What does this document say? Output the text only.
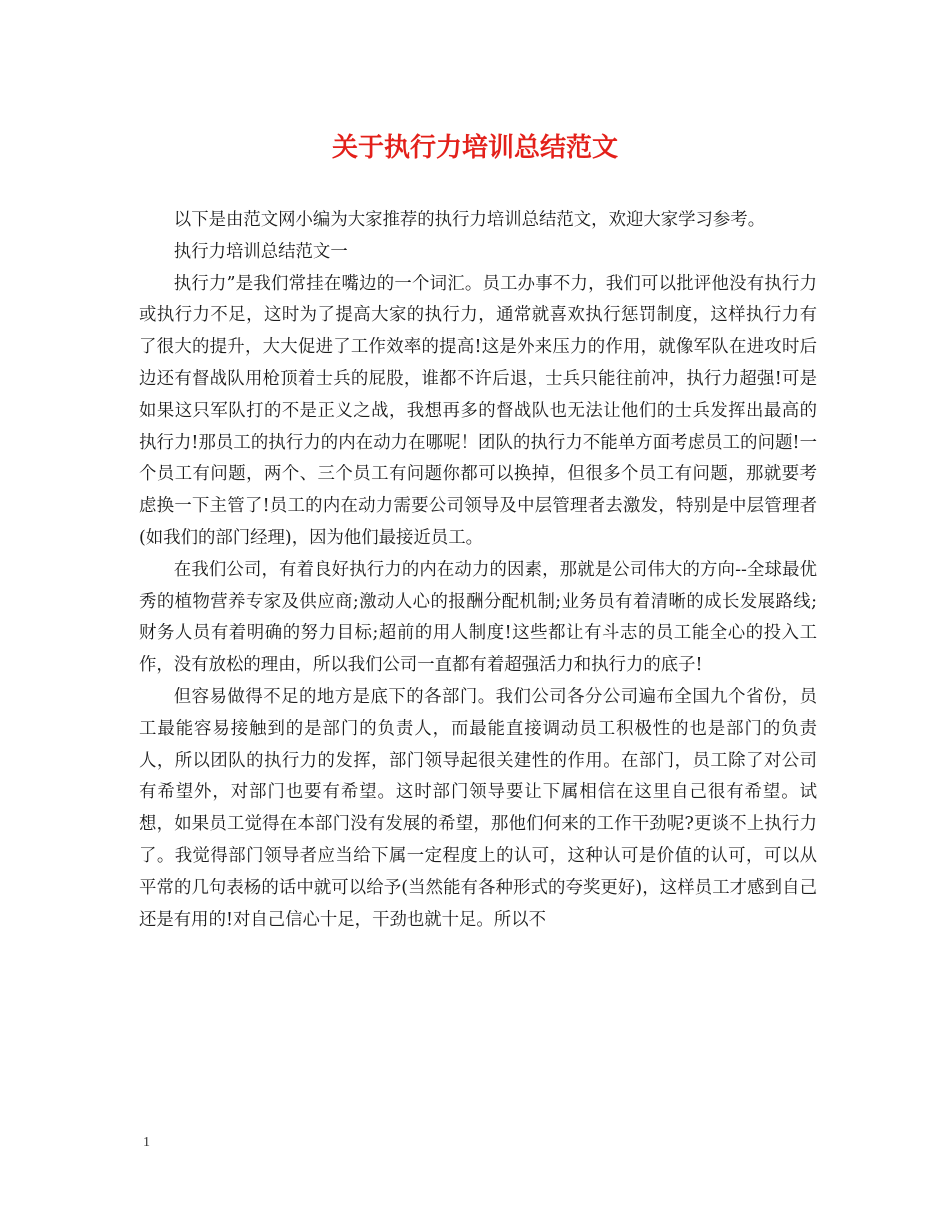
关于执行力培训总结范文

以下是由范文网小编为大家推荐的执行力培训总结范文，欢迎大家学习参考。

执行力培训总结范文一

执行力”是我们常挂在嘴边的一个词汇。员工办事不力，我们可以批评他没有执行力或执行力不足，这时为了提高大家的执行力，通常就喜欢执行惩罚制度，这样执行力有了很大的提升，大大促进了工作效率的提高!这是外来压力的作用，就像军队在进攻时后边还有督战队用枪顶着士兵的屁股，谁都不许后退，士兵只能往前冲，执行力超强!可是如果这只军队打的不是正义之战，我想再多的督战队也无法让他们的士兵发挥出最高的执行力!那员工的执行力的内在动力在哪呢！团队的执行力不能单方面考虑员工的问题!一个员工有问题，两个、三个员工有问题你都可以换掉，但很多个员工有问题，那就要考虑换一下主管了!员工的内在动力需要公司领导及中层管理者去激发，特别是中层管理者(如我们的部门经理)，因为他们最接近员工。

在我们公司，有着良好执行力的内在动力的因素，那就是公司伟大的方向--全球最优秀的植物营养专家及供应商;激动人心的报酬分配机制;业务员有着清晰的成长发展路线;财务人员有着明确的努力目标;超前的用人制度!这些都让有斗志的员工能全心的投入工作，没有放松的理由，所以我们公司一直都有着超强活力和执行力的底子!

但容易做得不足的地方是底下的各部门。我们公司各分公司遍布全国九个省份，员工最能容易接触到的是部门的负责人，而最能直接调动员工积极性的也是部门的负责人，所以团队的执行力的发挥，部门领导起很关建性的作用。在部门，员工除了对公司有希望外，对部门也要有希望。这时部门领导要让下属相信在这里自己很有希望。试想，如果员工觉得在本部门没有发展的希望，那他们何来的工作干劲呢?更谈不上执行力了。我觉得部门领导者应当给下属一定程度上的认可，这种认可是价值的认可，可以从平常的几句表杨的话中就可以给予(当然能有各种形式的夸奖更好)，这样员工才感到自己还是有用的!对自己信心十足，干劲也就十足。所以不

1
